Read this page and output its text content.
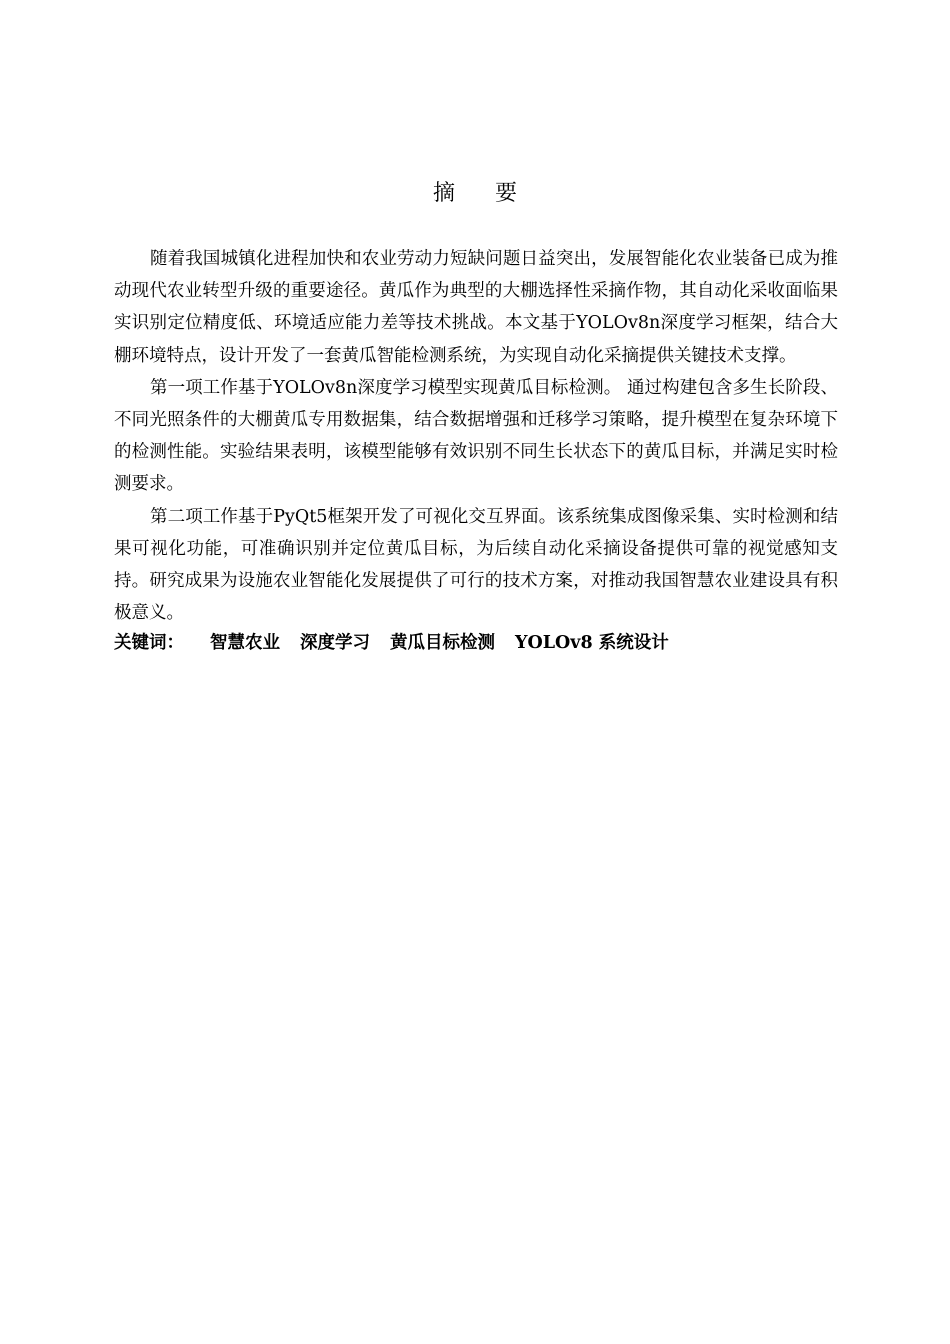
摘要

随着我国城镇化进程加快和农业劳动力短缺问题日益突出，发展智能化农业装备已成为推动现代农业转型升级的重要途径。黄瓜作为典型的大棚选择性采摘作物，其自动化采收面临果实识别定位精度低、环境适应能力差等技术挑战。本文基于YOLOv8n深度学习框架，结合大棚环境特点，设计开发了一套黄瓜智能检测系统，为实现自动化采摘提供关键技术支撑。

第一项工作基于YOLOv8n深度学习模型实现黄瓜目标检测。 通过构建包含多生长阶段、不同光照条件的大棚黄瓜专用数据集，结合数据增强和迁移学习策略，提升模型在复杂环境下的检测性能。实验结果表明，该模型能够有效识别不同生长状态下的黄瓜目标，并满足实时检测要求。

第二项工作基于PyQt5框架开发了可视化交互界面。该系统集成图像采集、实时检测和结果可视化功能，可准确识别并定位黄瓜目标，为后续自动化采摘设备提供可靠的视觉感知支持。研究成果为设施农业智能化发展提供了可行的技术方案，对推动我国智慧农业建设具有积极意义。

关键词： 智慧农业 深度学习 黄瓜目标检测 YOLOv8 系统设计
